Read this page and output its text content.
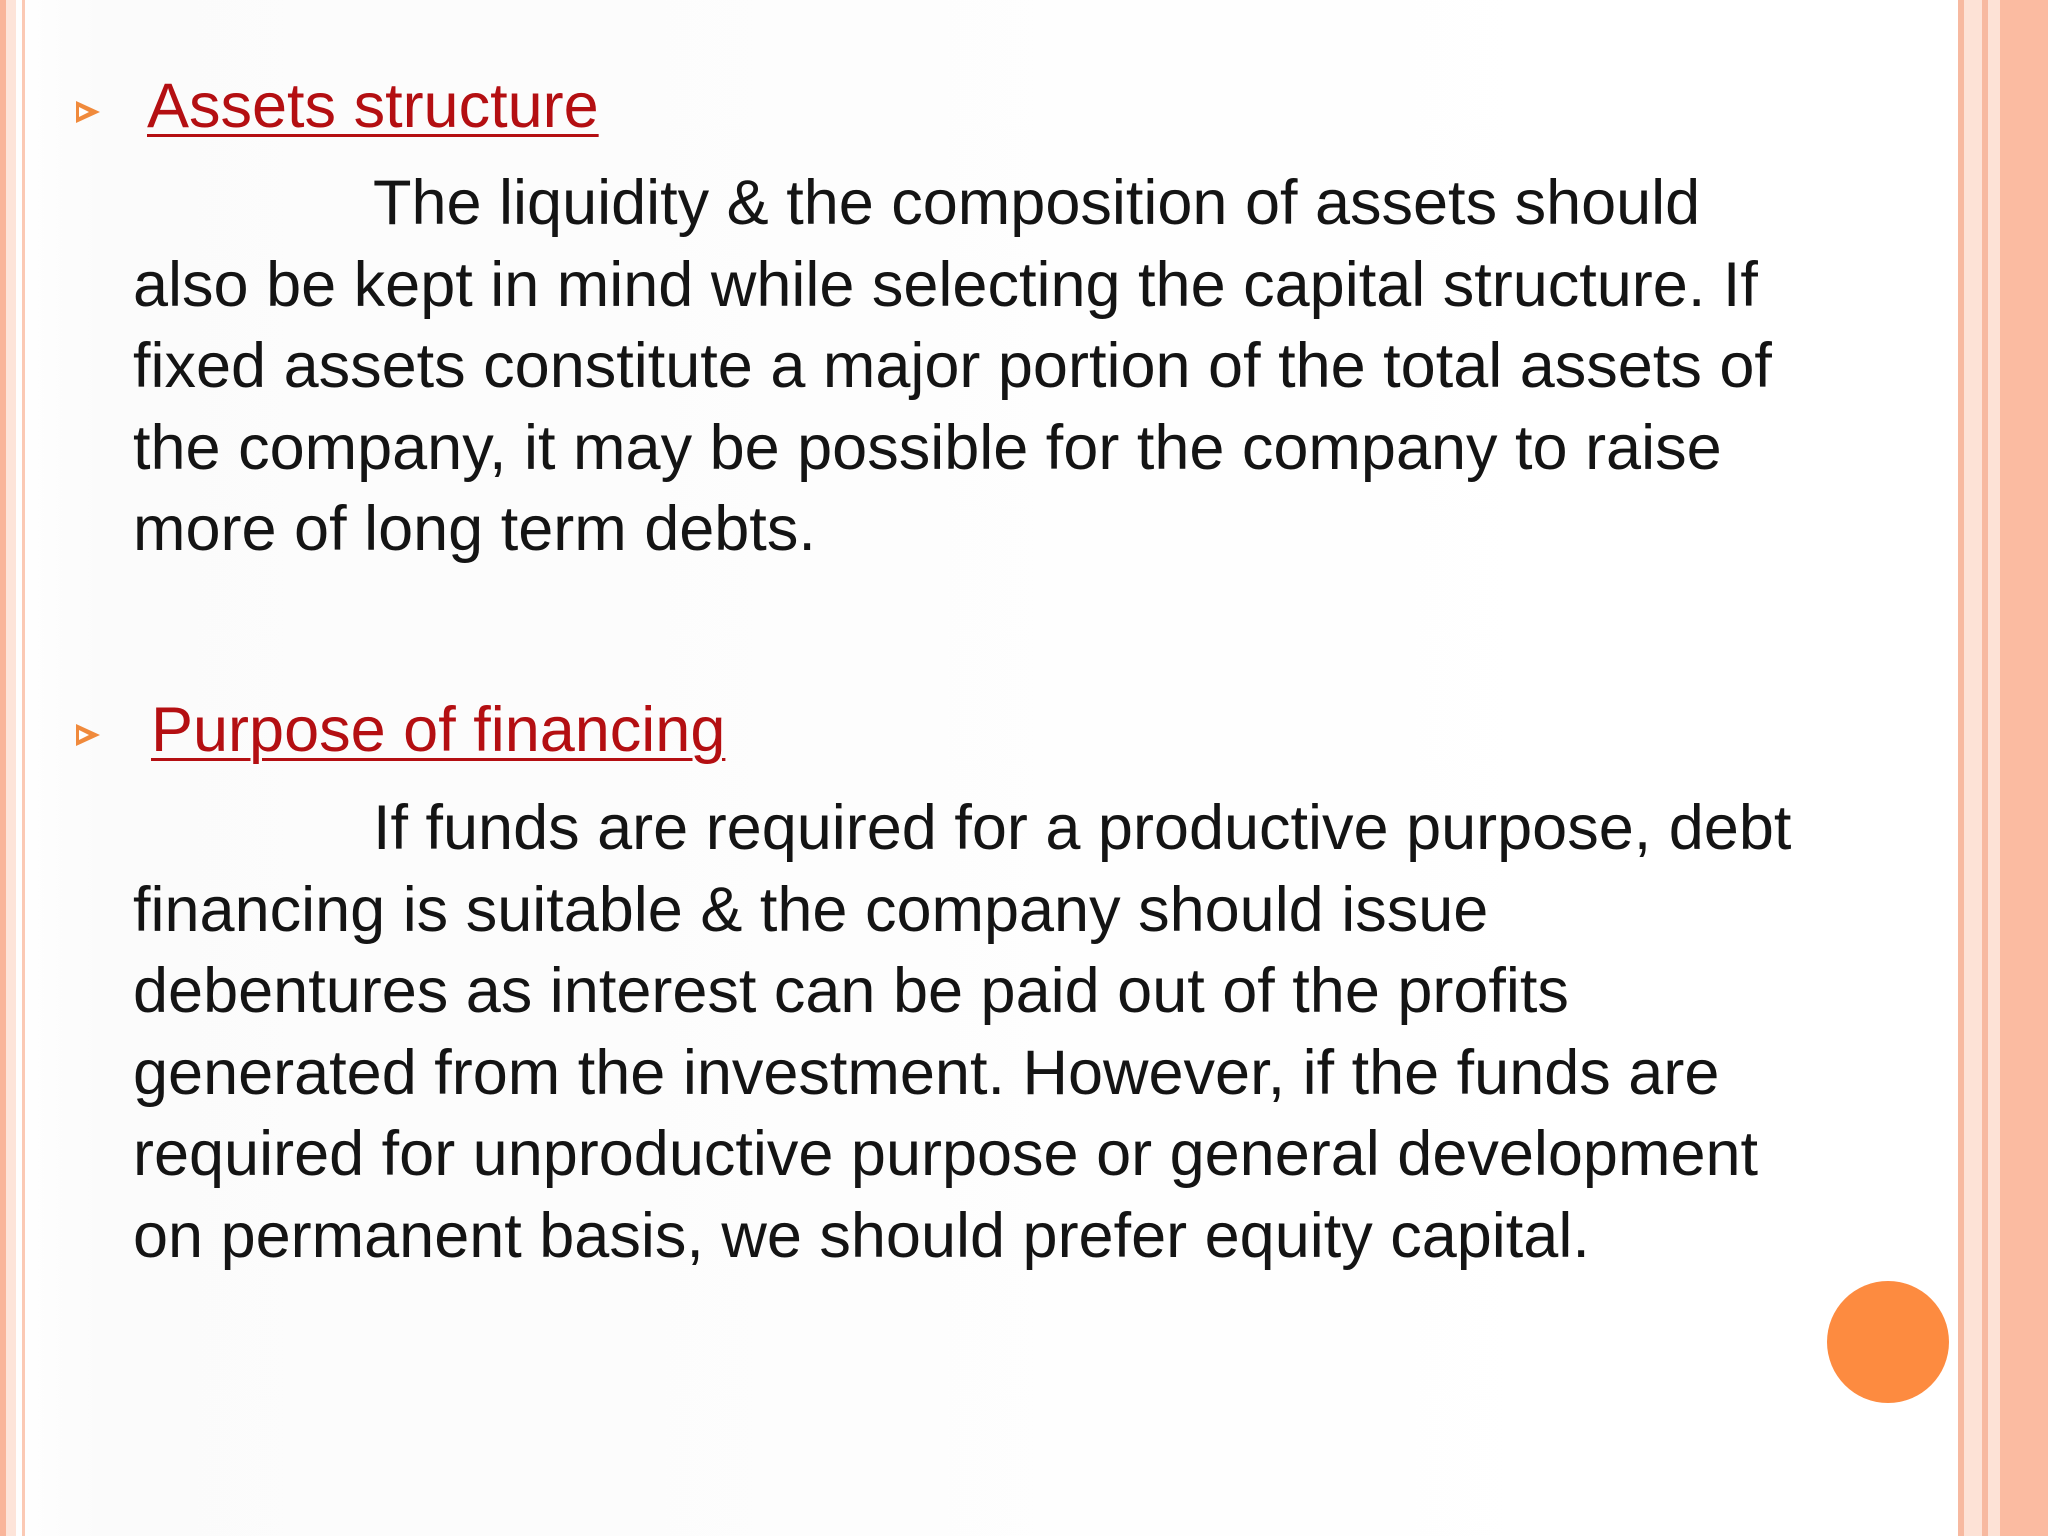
Assets structure
The liquidity & the composition of assets should
also be kept in mind while selecting the capital structure. If
fixed assets constitute a major portion of the total assets of
the company, it may be possible for the company to raise
more of long term debts.
Purpose of financing
If funds are required for a productive purpose, debt
financing is suitable & the company should issue
debentures as interest can be paid out of the profits
generated from the investment. However, if the funds are
required for unproductive purpose or general development
on permanent basis, we should prefer equity capital.
